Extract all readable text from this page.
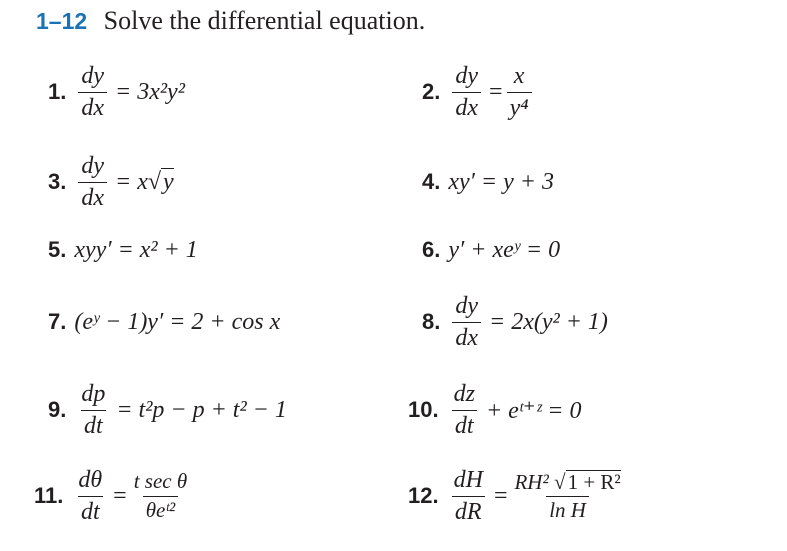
1–12 Solve the differential equation.
1. $\frac{dy}{dx} = 3x^2y^2$	2. $\frac{dy}{dx} = \frac{x}{\text{y⁴}}$
3. $\frac{dy}{dx} = x$ √ y	4. xy′ = y + 3
5. xyy′ = x² + 1	6. y′ + xeʸ = 0
7. (eʸ − 1)y′ = 2 + cos x	8. $\frac{dy}{dx} = 2x(y^2 + 1)$
9. $\frac{dp}{dt} = t^2p - p + t^2 - 1$	10. $\frac{dz}{dt}$ + eᵗ⁺ᶻ = 0
11. $\frac{d\theta}{dt} = \frac{\text{t sec θ}}{\text{θeᵗ²}}$	12. $\frac{dH}{dR} = \frac{\text{RH² √1 + R²}}{\text{ln H}}$
